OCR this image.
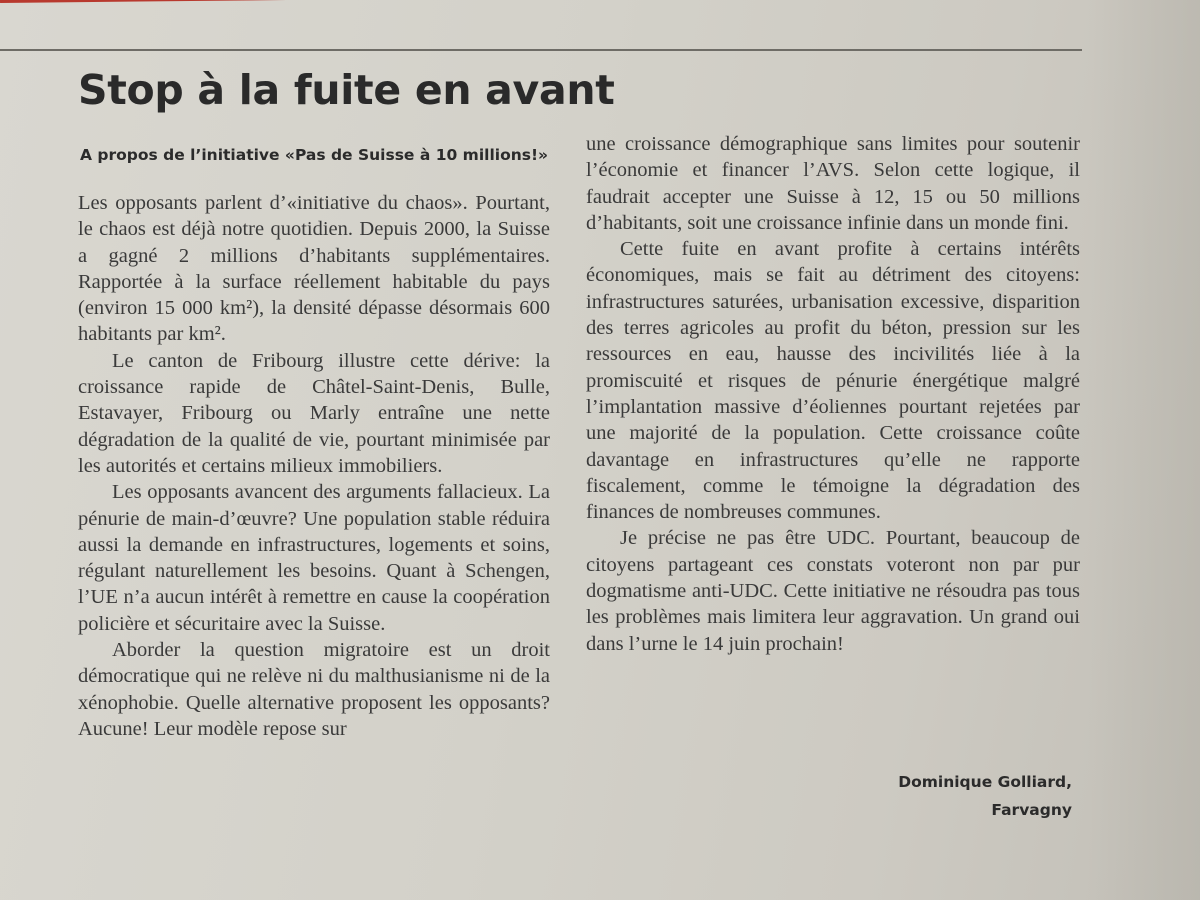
Stop à la fuite en avant

A propos de l’initiative «Pas de Suisse à 10 millions!»

Les opposants parlent d’«initiative du chaos». Pourtant, le chaos est déjà notre quotidien. Depuis 2000, la Suisse a gagné 2 millions d’habitants supplémentaires. Rapportée à la surface réellement habitable du pays (environ 15 000 km²), la densité dépasse désormais 600 habitants par km².

Le canton de Fribourg illustre cette dérive: la croissance rapide de Châtel-Saint-Denis, Bulle, Estavayer, Fribourg ou Marly entraîne une nette dégradation de la qualité de vie, pourtant minimisée par les autorités et certains milieux immobiliers.

Les opposants avancent des arguments fallacieux. La pénurie de main-d’œuvre? Une population stable réduira aussi la demande en infrastructures, logements et soins, régulant naturellement les besoins. Quant à Schengen, l’UE n’a aucun intérêt à remettre en cause la coopération policière et sécuritaire avec la Suisse.

Aborder la question migratoire est un droit démocratique qui ne relève ni du malthusianisme ni de la xénophobie. Quelle alternative proposent les opposants? Aucune! Leur modèle repose sur

une croissance démographique sans limites pour soutenir l’économie et financer l’AVS. Selon cette logique, il faudrait accepter une Suisse à 12, 15 ou 50 millions d’habitants, soit une croissance infinie dans un monde fini.

Cette fuite en avant profite à certains intérêts économiques, mais se fait au détriment des citoyens: infrastructures saturées, urbanisation excessive, disparition des terres agricoles au profit du béton, pression sur les ressources en eau, hausse des incivilités liée à la promiscuité et risques de pénurie énergétique malgré l’implantation massive d’éoliennes pourtant rejetées par une majorité de la population. Cette croissance coûte davantage en infrastructures qu’elle ne rapporte fiscalement, comme le témoigne la dégradation des finances de nombreuses communes.

Je précise ne pas être UDC. Pourtant, beaucoup de citoyens partageant ces constats voteront non par pur dogmatisme anti-UDC. Cette initiative ne résoudra pas tous les problèmes mais limitera leur aggravation. Un grand oui dans l’urne le 14 juin prochain!

Dominique Golliard,
Farvagny
